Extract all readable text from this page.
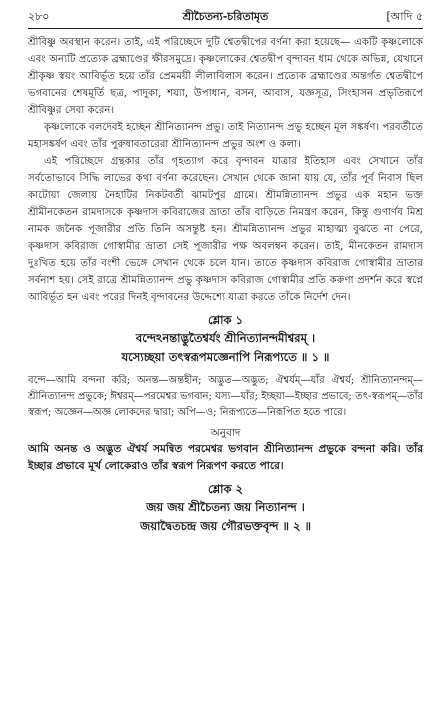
২৮০	শ্রীচৈতন্য-চরিতামৃত	[আদি ৫

শ্রীবিষ্ণু অবস্থান করেন। তাই, এই পরিচ্ছেদে দুটি শ্বেতদ্বীপের বর্ণনা করা হয়েছে— একটি কৃষ্ণলোকে এবং অন্যটি প্রত্যেক ব্রহ্মাণ্ডের ক্ষীরসমুদ্রে। কৃষ্ণলোকের শ্বেতদ্বীপ বৃন্দাবন ধাম থেকে অভিন্ন, যেখানে শ্রীকৃষ্ণ স্বয়ং আবির্ভূত হয়ে তাঁর প্রেমময়ী লীলাবিলাস করেন। প্রত্যেক ব্রহ্মাণ্ডের অন্তর্গত শ্বেতদ্বীপে ভগবানের শেষমূর্তি ছত্র, পাদুকা, শয্যা, উপাধান, বসন, আবাস, যজ্ঞসূত্র, সিংহাসন প্রভৃতিরূপে শ্রীবিষ্ণুর সেবা করেন।

কৃষ্ণলোকে বলদেবই হচ্ছেন শ্রীনিত্যানন্দ প্রভু। তাই নিত্যানন্দ প্রভু হচ্ছেন মূল সঙ্কর্ষণ। পরবর্তীতে মহাসঙ্কর্ষণ এবং তাঁর পুরুষাবতারেরা শ্রীনিত্যানন্দ প্রভুর অংশ ও কলা।

এই পরিচ্ছেদে গ্রন্থকার তাঁর গৃহত্যাগ করে বৃন্দাবন যাত্রার ইতিহাস এবং সেখানে তাঁর সর্বতোভাবে সিদ্ধি লাভের কথা বর্ণনা করেছেন। সেখান থেকে জানা যায় যে, তাঁর পূর্ব নিবাস ছিল কাটোয়া জেলায় নৈহাটির নিকটবর্তী ঝামটপুর গ্রামে। শ্রীমন্নিত্যানন্দ প্রভুর এক মহান ভক্ত শ্রীমীনকেতন রামদাসকে কৃষ্ণদাস কবিরাজের ভ্রাতা তাঁর বাড়িতে নিমন্ত্রণ করেন, কিন্তু গুণার্ণব মিশ্র নামক জনৈক পূজারীর প্রতি তিনি অসন্তুষ্ট হন। শ্রীমন্নিত্যানন্দ প্রভুর মাহাত্ম্য বুঝতে না পেরে, কৃষ্ণদাস কবিরাজ গোস্বামীর ভ্রাতা সেই পূজারীর পক্ষ অবলম্বন করেন। তাই, মীনকেতন রামদাস দুঃখিত হয়ে তাঁর বংশী ভেঙ্গে সেখান থেকে চলে যান। তাতে কৃষ্ণদাস কবিরাজ গোস্বামীর ভ্রাতার সর্বনাশ হয়। সেই রাত্রে শ্রীমন্নিত্যানন্দ প্রভু কৃষ্ণদাস কবিরাজ গোস্বামীর প্রতি করুণা প্রদর্শন করে স্বপ্নে আবির্ভূত হন এবং পরের দিনই বৃন্দাবনের উদ্দেশ্যে যাত্রা করতে তাঁকে নির্দেশ দেন।

শ্লোক ১
বন্দেঽনন্তাদ্ভুতৈশ্বর্যং শ্রীনিত্যানন্দমীশ্বরম্ ।
যস্যেচ্ছয়া তৎস্বরূপমজ্ঞেনাপি নিরূপ্যতে ॥ ১ ॥
বন্দে—আমি বন্দনা করি; অনন্ত—অন্তহীন; অদ্ভুত—অদ্ভুত; ঐশ্বর্যম্—যাঁর ঐশ্বর্য; শ্রীনিত্যানন্দম্—শ্রীনিত্যানন্দ প্রভুকে; ঈশ্বরম্—পরমেশ্বর ভগবান; যস্য—যাঁর; ইচ্ছয়া—ইচ্ছার প্রভাবে; তৎ-স্বরূপম্—তাঁর স্বরূপ; অজ্ঞেন—অজ্ঞ লোকদের দ্বারা; অপি—ও; নিরূপ্যতে—নিরূপিত হতে পারে।
অনুবাদ
আমি অনন্ত ও অদ্ভুত ঐশ্বর্য সমন্বিত পরমেশ্বর ভগবান শ্রীনিত্যানন্দ প্রভুকে বন্দনা করি। তাঁর ইচ্ছার প্রভাবে মূর্খ লোকেরাও তাঁর স্বরূপ নিরূপণ করতে পারে।
শ্লোক ২
জয় জয় শ্রীচৈতন্য জয় নিত্যানন্দ ।
জয়াদ্বৈতচন্দ্র জয় গৌরভক্তবৃন্দ ॥ ২ ॥
